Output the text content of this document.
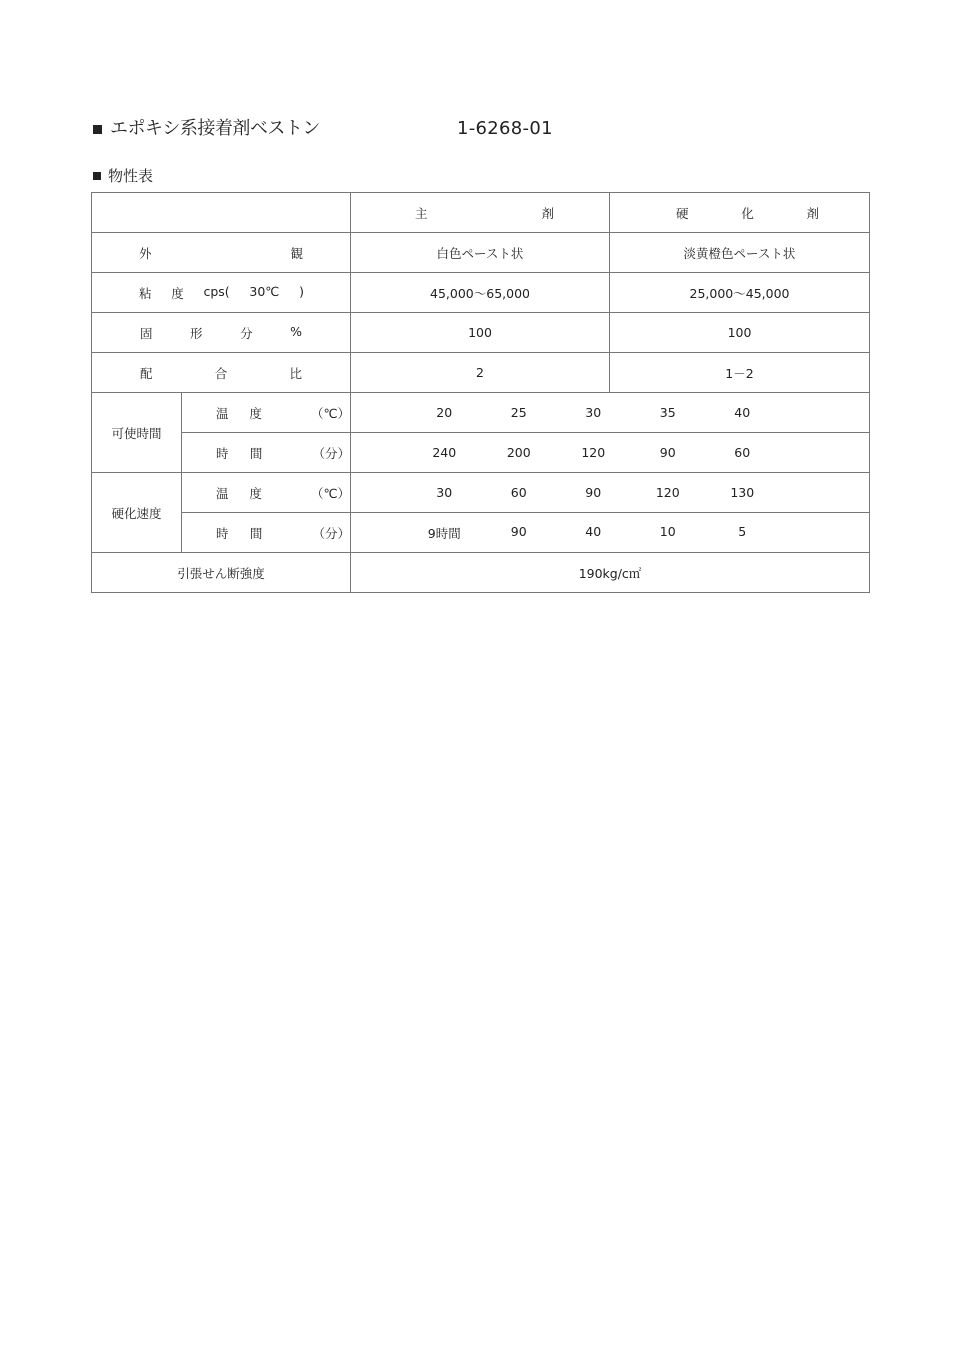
エポキシ系接着剤ベストン	1-6268-01
物性表

		主 剤	硬 化 剤

外 観		白色ペースト状	淡黄橙色ペースト状

粘 度 cps( 30℃ )		45,000～65,000	25,000～45,000

固 形 分 %		100	100

配 合 比		2	1－2
可使時間	温 度 （℃）	20 25 30 35 40	

	時 間 （分）	240 200 120 90 60	

硬化速度	温 度 （℃）	30 60 90 120 130	

	時 間 （分）	9時間 90 40 10 5	

引張せん断強度		190kg/c㎡	
